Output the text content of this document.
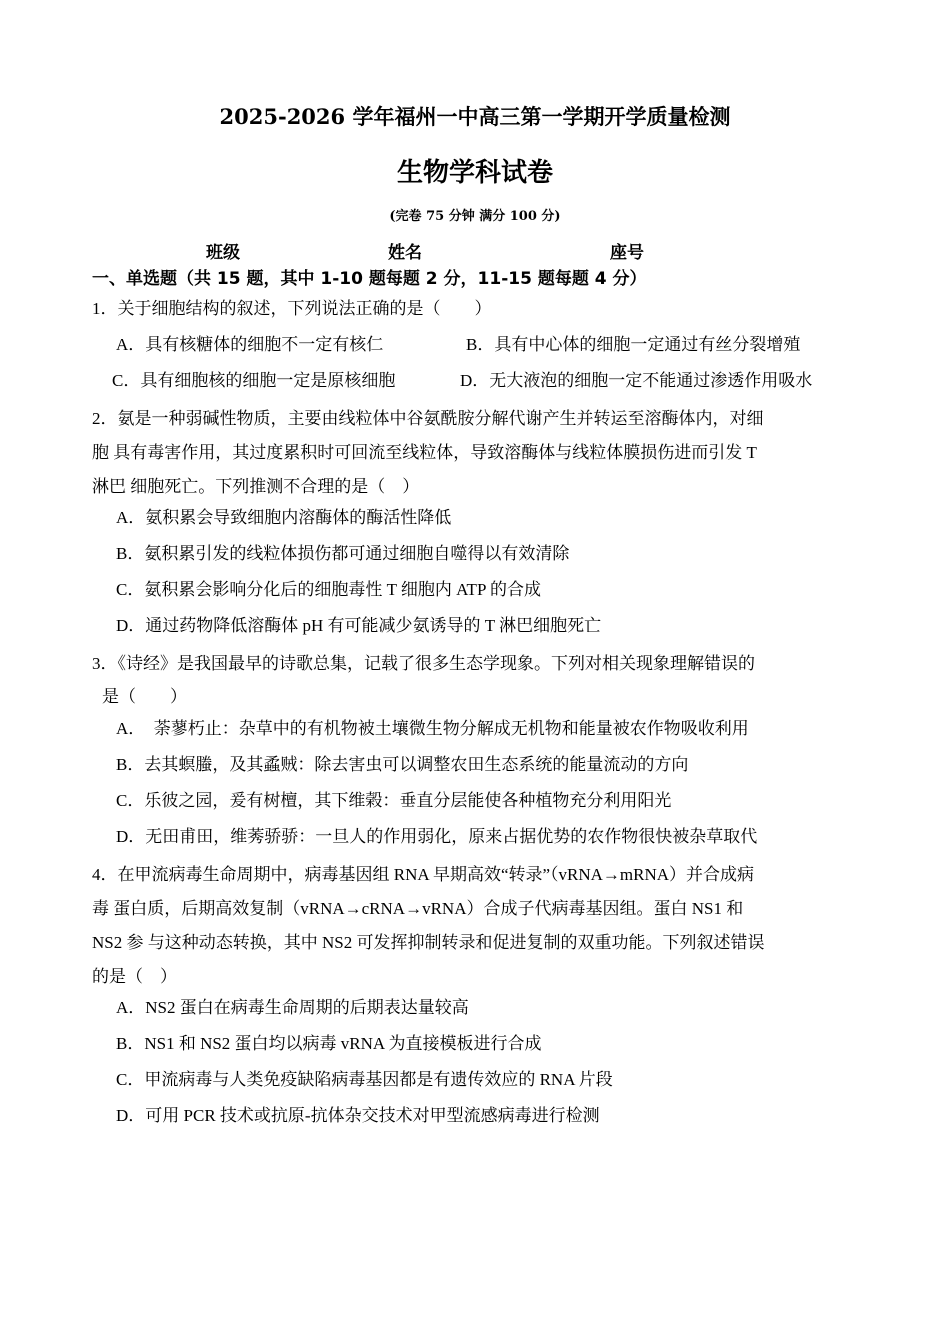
2025-2026 学年福州一中高三第一学期开学质量检测
生物学科试卷
(完卷 75 分钟 满分 100 分)
班级	姓名	座号
一、单选题（共 15 题，其中 1-10 题每题 2 分，11-15 题每题 4 分）
1．关于细胞结构的叙述，下列说法正确的是（　　）
A．具有核糖体的细胞不一定有核仁	B．具有中心体的细胞一定通过有丝分裂增殖
C．具有细胞核的细胞一定是原核细胞	D．无大液泡的细胞一定不能通过渗透作用吸水
2．氨是一种弱碱性物质，主要由线粒体中谷氨酰胺分解代谢产生并转运至溶酶体内，对细
胞 具有毒害作用，其过度累积时可回流至线粒体，导致溶酶体与线粒体膜损伤进而引发 T
淋巴 细胞死亡。下列推测不合理的是（　）
A．氨积累会导致细胞内溶酶体的酶活性降低
B．氨积累引发的线粒体损伤都可通过细胞自噬得以有效清除
C．氨积累会影响分化后的细胞毒性 T 细胞内 ATP 的合成
D．通过药物降低溶酶体 pH 有可能减少氨诱导的 T 淋巴细胞死亡
3．《诗经》是我国最早的诗歌总集，记载了很多生态学现象。下列对相关现象理解错误的
是（　　）
A．　荼蓼朽止：杂草中的有机物被土壤微生物分解成无机物和能量被农作物吸收利用
B．去其螟螣，及其蟊贼：除去害虫可以调整农田生态系统的能量流动的方向
C．乐彼之园，爰有树檀，其下维榖：垂直分层能使各种植物充分利用阳光
D．无田甫田，维莠骄骄：一旦人的作用弱化，原来占据优势的农作物很快被杂草取代
4．在甲流病毒生命周期中，病毒基因组 RNA 早期高效“转录”（vRNA→mRNA）并合成病
毒 蛋白质，后期高效复制（vRNA→cRNA→vRNA）合成子代病毒基因组。蛋白 NS1 和
NS2 参 与这种动态转换，其中 NS2 可发挥抑制转录和促进复制的双重功能。下列叙述错误
的是（　）
A．NS2 蛋白在病毒生命周期的后期表达量较高
B．NS1 和 NS2 蛋白均以病毒 vRNA 为直接模板进行合成
C．甲流病毒与人类免疫缺陷病毒基因都是有遗传效应的 RNA 片段
D．可用 PCR 技术或抗原-抗体杂交技术对甲型流感病毒进行检测
